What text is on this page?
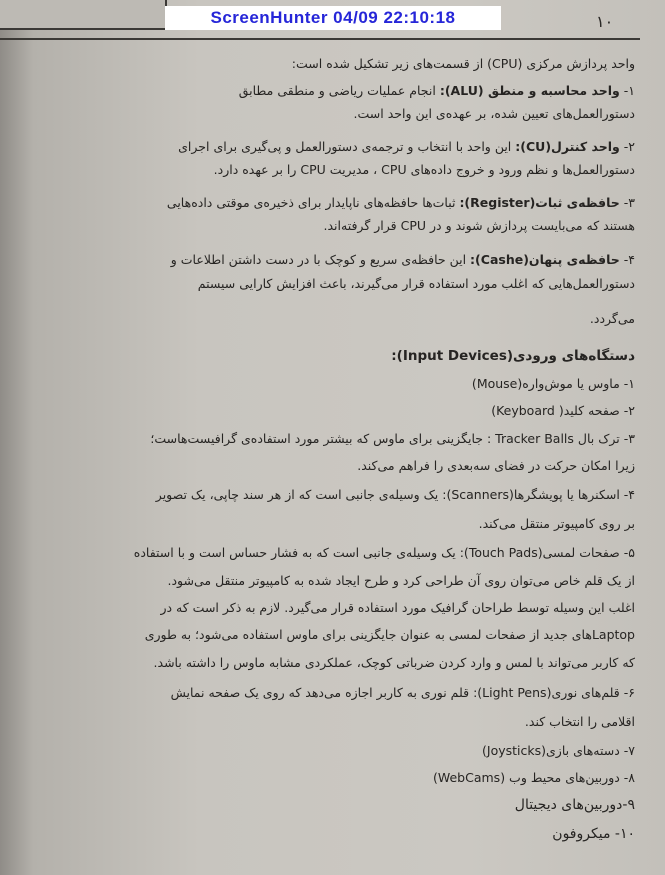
۱۰
ScreenHunter 04/09 22:10:18
واحد پردازش مرکزی (CPU) از قسمت‌های زیر تشکیل شده است:
۱- واحد محاسبه و منطق (ALU): انجام عملیات ریاضی و منطقی مطابق
دستورالعمل‌های تعیین شده، بر عهده‌ی این واحد است.
۲- واحد کنترل(CU): این واحد با انتخاب و ترجمه‌ی دستورالعمل و پی‌گیری برای اجرای
دستورالعمل‌ها و نظم ورود و خروج داده‌های CPU ، مدیریت CPU را بر عهده دارد.
۳- حافظه‌ی ثبات(Register): ثبات‌ها حافظه‌های ناپایدار برای ذخیره‌ی موقتی داده‌هایی
هستند که می‌بایست پردازش شوند و در CPU قرار گرفته‌اند.
۴- حافظه‌ی پنهان(Cashe): این حافظه‌ی سریع و کوچک با در دست داشتن اطلاعات و
دستورالعمل‌هایی که اغلب مورد استفاده قرار می‌گیرند، باعث افزایش کارایی سیستم
می‌گردد.
دستگاه‌های ورودی(Input Devices):
۱- ماوس یا موش‌واره(Mouse)
۲- صفحه کلید( Keyboard)
۳- ترک بال Tracker Balls : جایگزینی برای ماوس که بیشتر مورد استفاده‌ی گرافیست‌هاست؛
زیرا امکان حرکت در فضای سه‌بعدی را فراهم می‌کند.
۴- اسکنرها یا پویشگرها(Scanners): یک وسیله‌ی جانبی است که از هر سند چاپی، یک تصویر
بر روی کامپیوتر منتقل می‌کند.
۵- صفحات لمسی(Touch Pads): یک وسیله‌ی جانبی است که به فشار حساس است و با استفاده
از یک قلم خاص می‌توان روی آن طراحی کرد و طرح ایجاد شده به کامپیوتر منتقل می‌شود.
اغلب این وسیله توسط طراحان گرافیک مورد استفاده قرار می‌گیرد. لازم به ذکر است که در
Laptopهای جدید از صفحات لمسی به عنوان جایگزینی برای ماوس استفاده می‌شود؛ به طوری
که کاربر می‌تواند با لمس و وارد کردن ضرباتی کوچک، عملکردی مشابه ماوس را داشته باشد.
۶- قلم‌های نوری(Light Pens): قلم نوری به کاربر اجازه می‌دهد که روی یک صفحه نمایش
اقلامی را انتخاب کند.
۷- دسته‌های بازی(Joysticks)
۸- دوربین‌های محیط وب (WebCams)
۹-دوربین‌های دیجیتال
۱۰- میکروفون
